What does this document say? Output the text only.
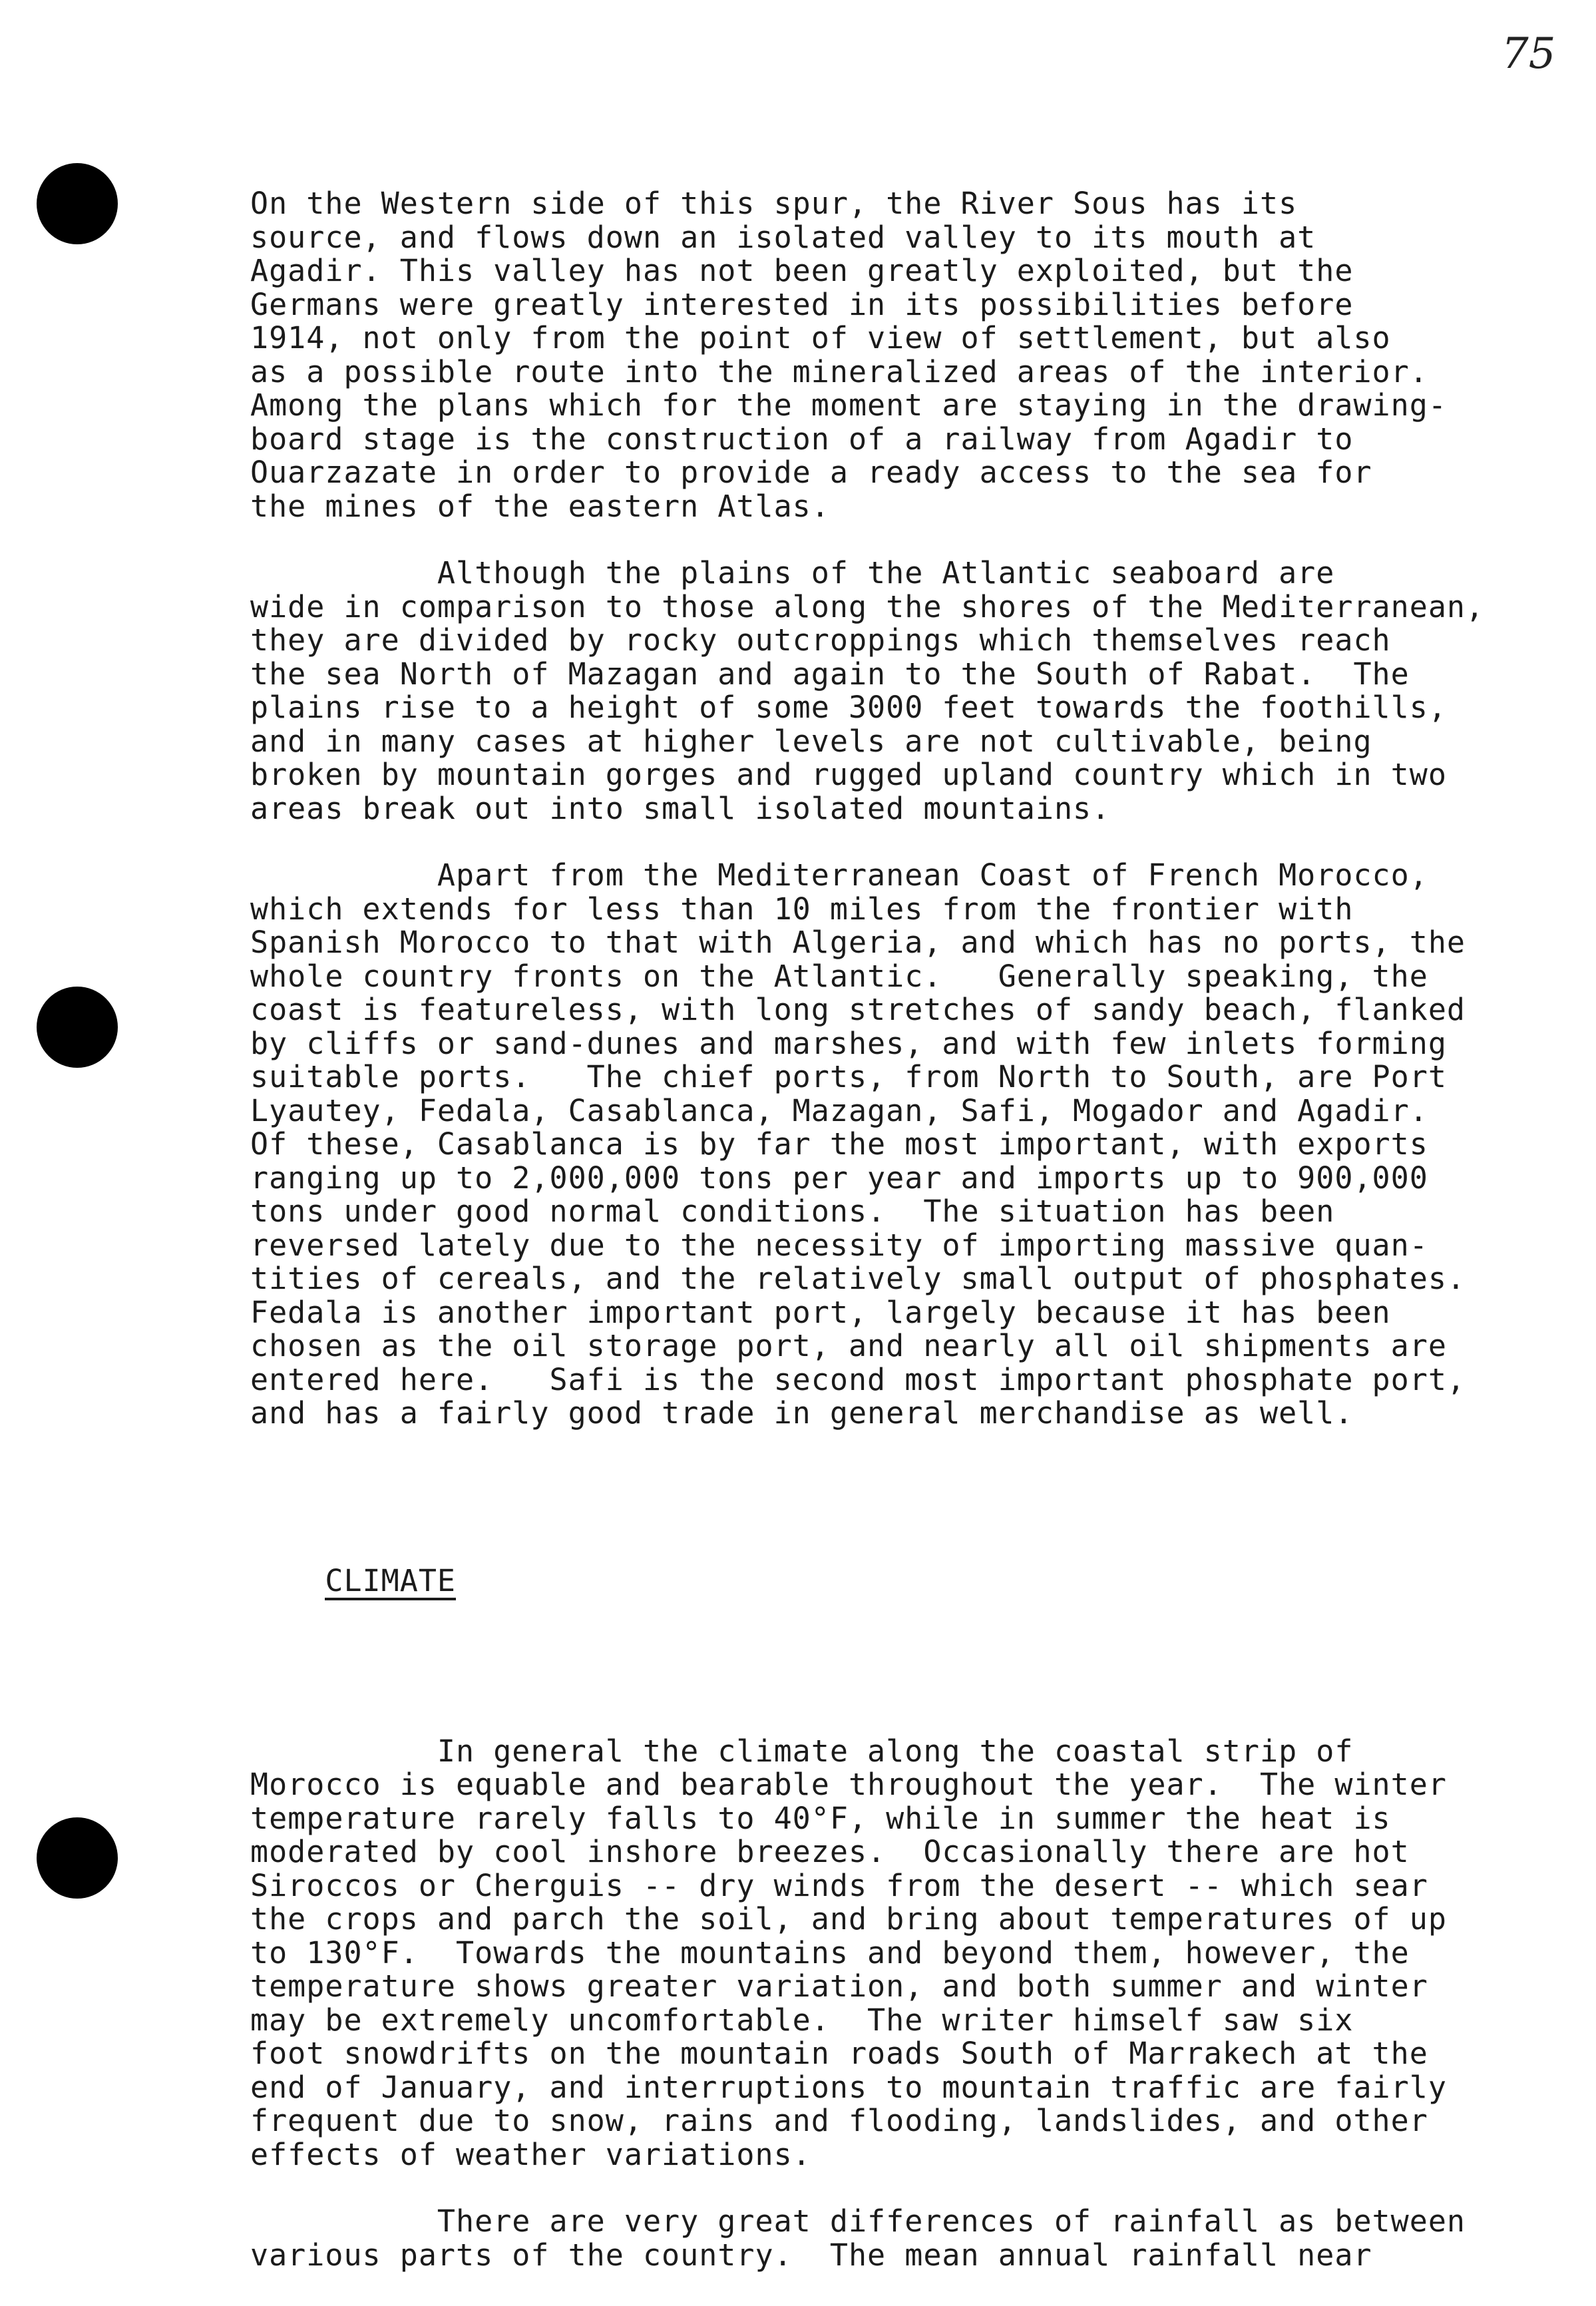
75

On the Western side of this spur, the River Sous has its
source, and flows down an isolated valley to its mouth at
Agadir. This valley has not been greatly exploited, but the
Germans were greatly interested in its possibilities before
1914, not only from the point of view of settlement, but also
as a possible route into the mineralized areas of the interior.
Among the plans which for the moment are staying in the drawing-
board stage is the construction of a railway from Agadir to
Ouarzazate in order to provide a ready access to the sea for
the mines of the eastern Atlas.
Although the plains of the Atlantic seaboard are
wide in comparison to those along the shores of the Mediterranean,
they are divided by rocky outcroppings which themselves reach
the sea North of Mazagan and again to the South of Rabat.  The
plains rise to a height of some 3000 feet towards the foothills,
and in many cases at higher levels are not cultivable, being
broken by mountain gorges and rugged upland country which in two
areas break out into small isolated mountains.
Apart from the Mediterranean Coast of French Morocco,
which extends for less than 10 miles from the frontier with
Spanish Morocco to that with Algeria, and which has no ports, the
whole country fronts on the Atlantic.   Generally speaking, the
coast is featureless, with long stretches of sandy beach, flanked
by cliffs or sand-dunes and marshes, and with few inlets forming
suitable ports.   The chief ports, from North to South, are Port
Lyautey, Fedala, Casablanca, Mazagan, Safi, Mogador and Agadir.
Of these, Casablanca is by far the most important, with exports
ranging up to 2,000,000 tons per year and imports up to 900,000
tons under good normal conditions.  The situation has been
reversed lately due to the necessity of importing massive quan-
tities of cereals, and the relatively small output of phosphates.
Fedala is another important port, largely because it has been
chosen as the oil storage port, and nearly all oil shipments are
entered here.   Safi is the second most important phosphate port,
and has a fairly good trade in general merchandise as well.

CLIMATE

In general the climate along the coastal strip of
Morocco is equable and bearable throughout the year.  The winter
temperature rarely falls to 40°F, while in summer the heat is
moderated by cool inshore breezes.  Occasionally there are hot
Siroccos or Cherguis -- dry winds from the desert -- which sear
the crops and parch the soil, and bring about temperatures of up
to 130°F.  Towards the mountains and beyond them, however, the
temperature shows greater variation, and both summer and winter
may be extremely uncomfortable.  The writer himself saw six
foot snowdrifts on the mountain roads South of Marrakech at the
end of January, and interruptions to mountain traffic are fairly
frequent due to snow, rains and flooding, landslides, and other
effects of weather variations.
There are very great differences of rainfall as between
various parts of the country.  The mean annual rainfall near
